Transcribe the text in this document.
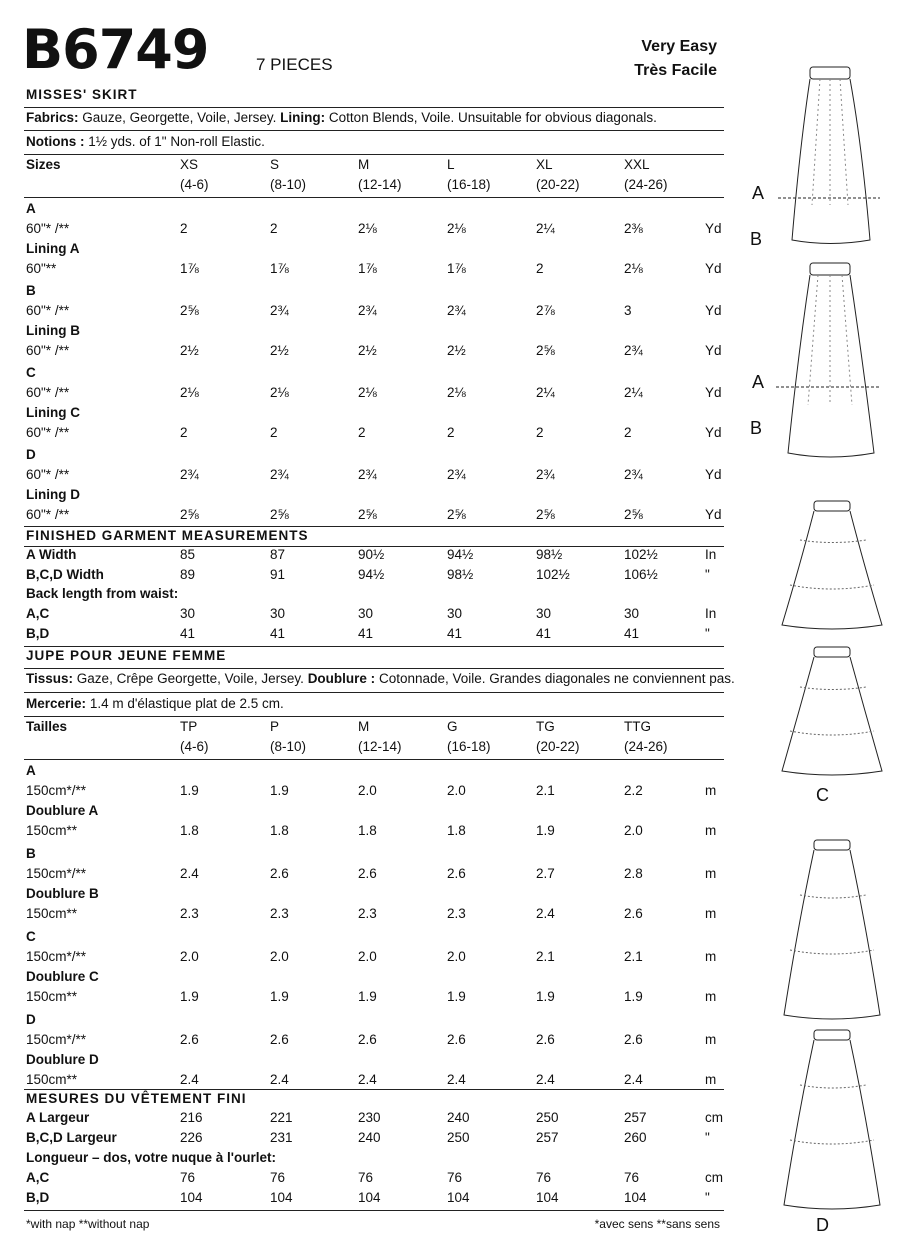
B6749	7 PIECES
Very Easy
Très Facile
MISSES' SKIRT
Fabrics: Gauze, Georgette, Voile, Jersey. Lining: Cotton Blends, Voile. Unsuitable for obvious diagonals.
Notions : 1½ yds. of 1" Non-roll Elastic.
Sizes	XS	S	M	L	XL	XXL
(4-6)	(8-10)	(12-14)	(16-18)	(20-22)	(24-26)
FINISHED GARMENT MEASUREMENTS
Back length from waist:
JUPE POUR JEUNE FEMME
Tissus: Gaze, Crêpe Georgette, Voile, Jersey. Doublure : Cotonnade, Voile. Grandes diagonales ne conviennent pas.
Mercerie: 1.4 m d'élastique plat de 2.5 cm.
Tailles	TP	P	M	G	TG	TTG
(4-6)	(8-10)	(12-14)	(16-18)	(20-22)	(24-26)
MESURES DU VÊTEMENT FINI
Longueur – dos, votre nuque à l'ourlet:
*with nap **without nap	*avec sens **sans sens
A
B
A
B
C
D
A
60"* /**	2	2	2⅛	2⅛	2¼	2⅜	Yd
Lining A
60"**	1⅞	1⅞	1⅞	1⅞	2	2⅛	Yd
B
60"* /**	2⅝	2¾	2¾	2¾	2⅞	3	Yd
Lining B
60"* /**	2½	2½	2½	2½	2⅝	2¾	Yd
C
60"* /**	2⅛	2⅛	2⅛	2⅛	2¼	2¼	Yd
Lining C
60"* /**	2	2	2	2	2	2	Yd
D
60"* /**	2¾	2¾	2¾	2¾	2¾	2¾	Yd
Lining D
60"* /**	2⅝	2⅝	2⅝	2⅝	2⅝	2⅝	Yd
A
150cm*/**	1.9	1.9	2.0	2.0	2.1	2.2	m
Doublure A
150cm**	1.8	1.8	1.8	1.8	1.9	2.0	m
B
150cm*/**	2.4	2.6	2.6	2.6	2.7	2.8	m
Doublure B
150cm**	2.3	2.3	2.3	2.3	2.4	2.6	m
C
150cm*/**	2.0	2.0	2.0	2.0	2.1	2.1	m
Doublure C
150cm**	1.9	1.9	1.9	1.9	1.9	1.9	m
D
150cm*/**	2.6	2.6	2.6	2.6	2.6	2.6	m
Doublure D
150cm**	2.4	2.4	2.4	2.4	2.4	2.4	m
A Width	85	87	90½	94½	98½	102½	In
B,C,D Width	89	91	94½	98½	102½	106½	"
A,C	30	30	30	30	30	30	In
B,D	41	41	41	41	41	41	"
A Largeur	216	221	230	240	250	257	cm
B,C,D Largeur	226	231	240	250	257	260	"
A,C	76	76	76	76	76	76	cm
B,D	104	104	104	104	104	104	"
